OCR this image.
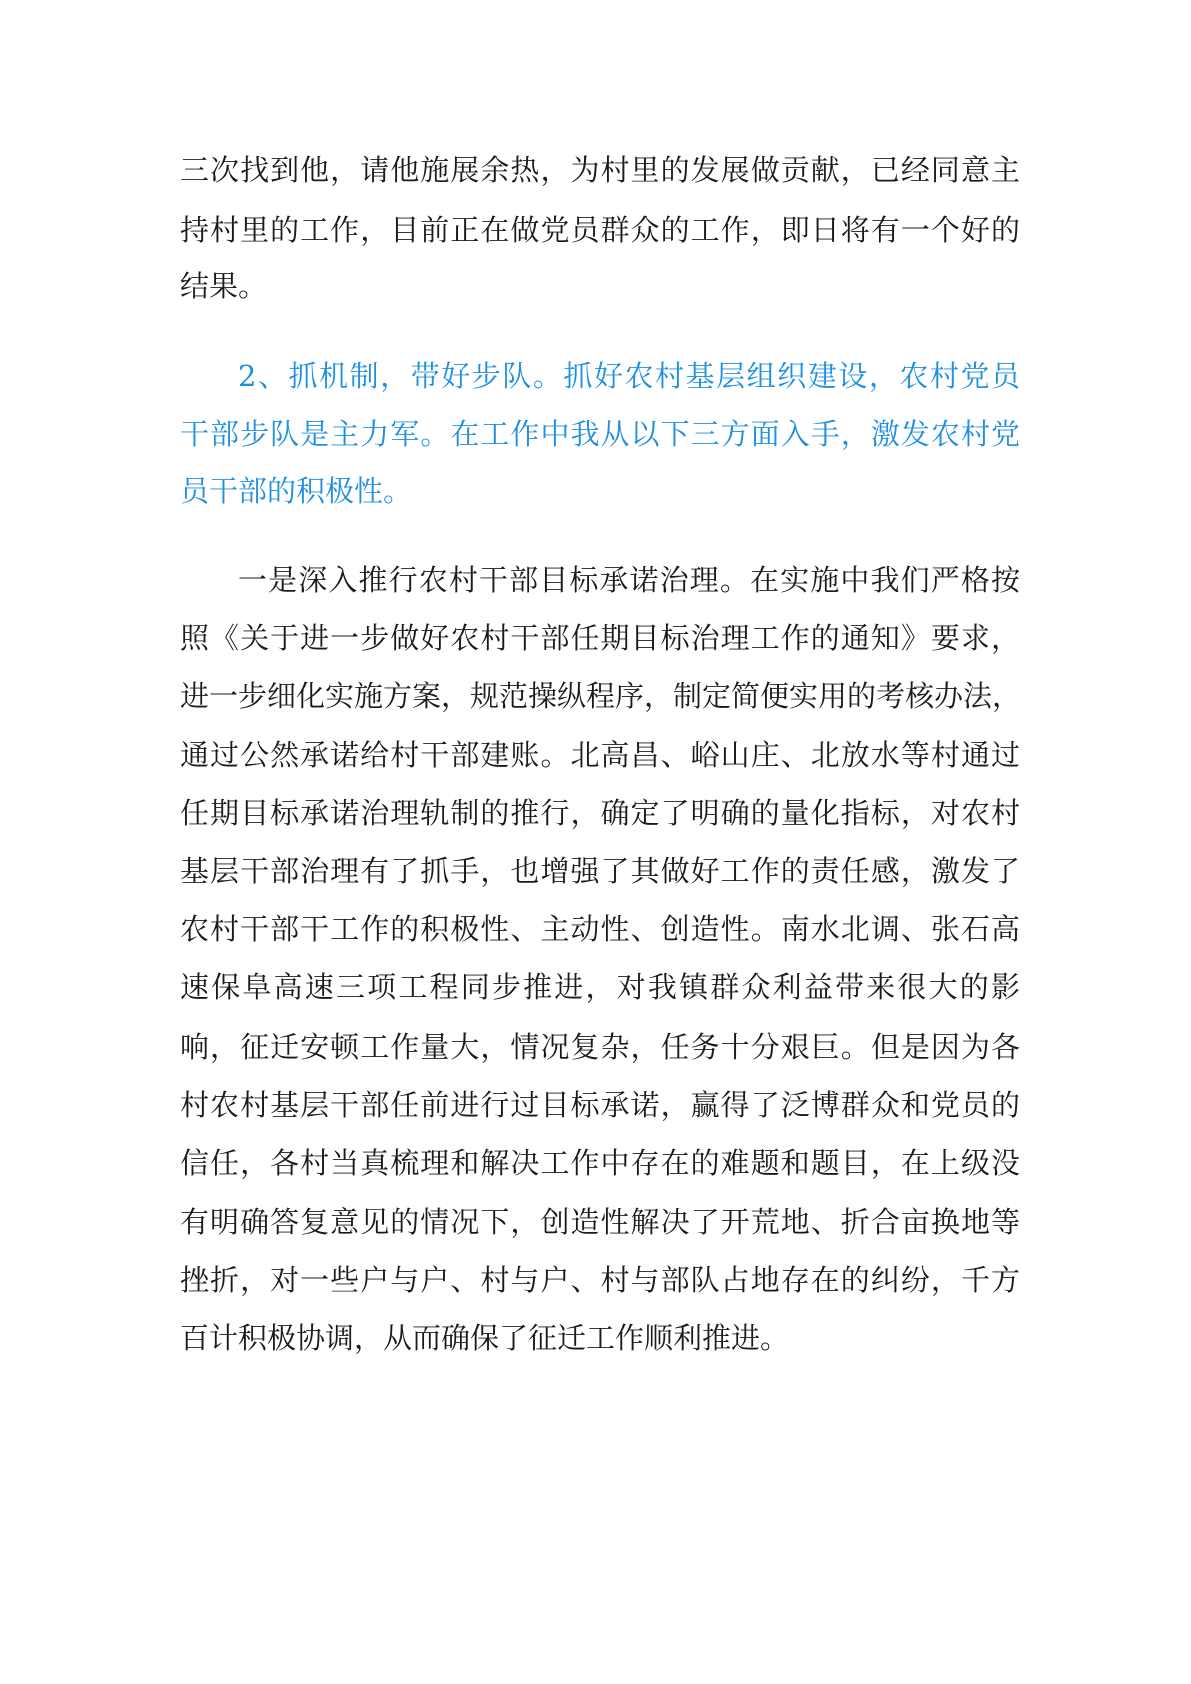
三次找到他，请他施展余热，为村里的发展做贡献，已经同意主

持村里的工作，目前正在做党员群众的工作，即日将有一个好的

结果。

2、抓机制，带好步队。抓好农村基层组织建设，农村党员

干部步队是主力军。在工作中我从以下三方面入手，激发农村党

员干部的积极性。

一是深入推行农村干部目标承诺治理。在实施中我们严格按

照《关于进一步做好农村干部任期目标治理工作的通知》要求，

进一步细化实施方案，规范操纵程序，制定简便实用的考核办法，

通过公然承诺给村干部建账。北高昌、峪山庄、北放水等村通过

任期目标承诺治理轨制的推行，确定了明确的量化指标，对农村

基层干部治理有了抓手，也增强了其做好工作的责任感，激发了

农村干部干工作的积极性、主动性、创造性。南水北调、张石高

速保阜高速三项工程同步推进，对我镇群众利益带来很大的影

响，征迁安顿工作量大，情况复杂，任务十分艰巨。但是因为各

村农村基层干部任前进行过目标承诺，赢得了泛博群众和党员的

信任，各村当真梳理和解决工作中存在的难题和题目，在上级没

有明确答复意见的情况下，创造性解决了开荒地、折合亩换地等

挫折，对一些户与户、村与户、村与部队占地存在的纠纷，千方

百计积极协调，从而确保了征迁工作顺利推进。
